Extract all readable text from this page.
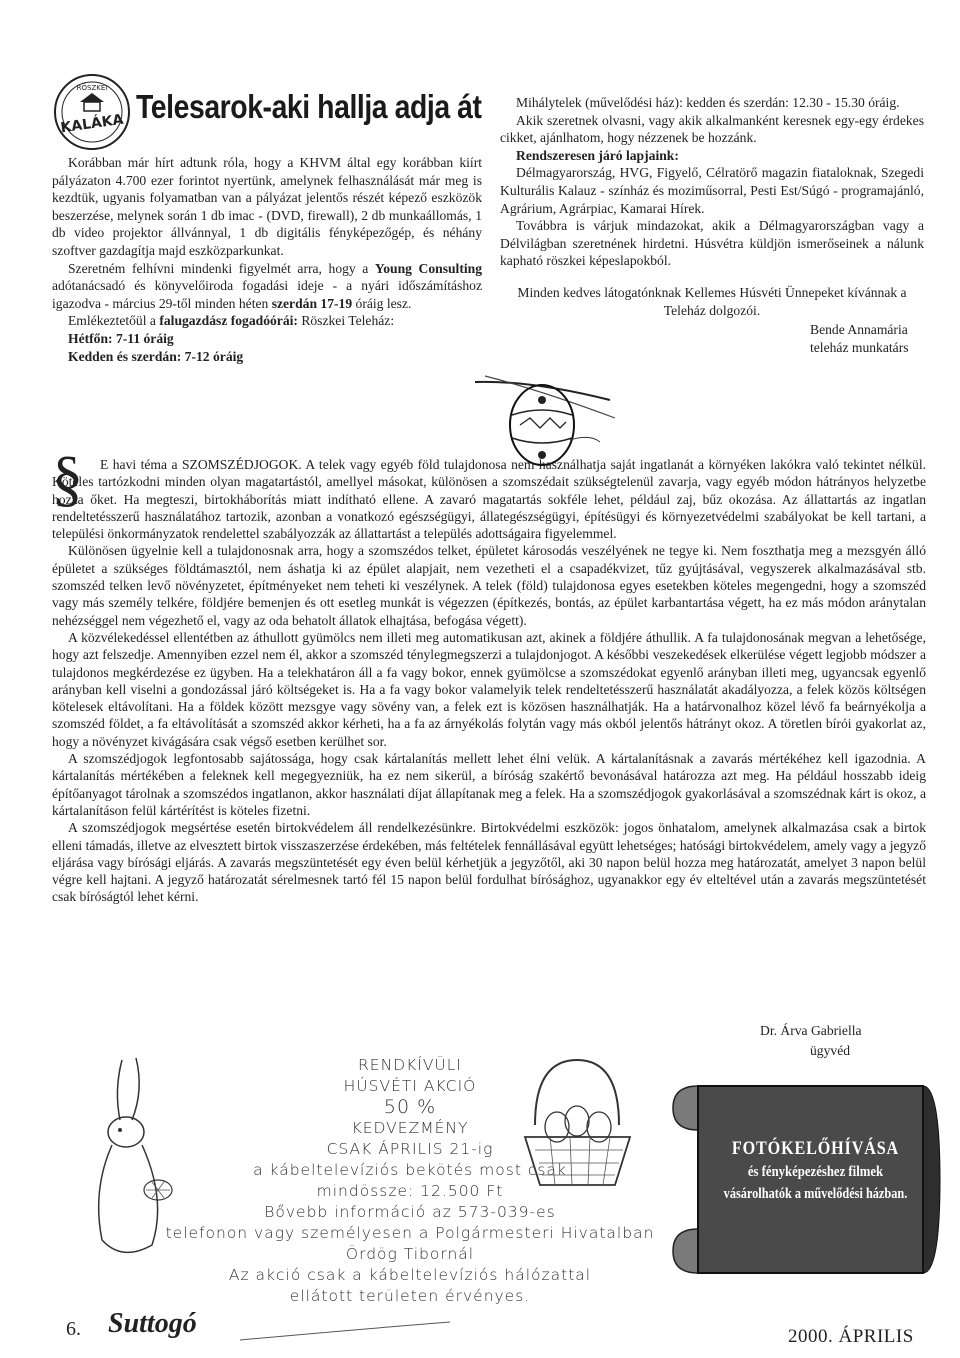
RÖSZKEI
KALÁKA Telesarok-aki hallja adja át

Korábban már hírt adtunk róla, hogy a KHVM által egy korábban kiírt pályázaton 4.700 ezer forintot nyertünk, amelynek felhasználását már meg is kezdtük, ugyanis folyamatban van a pályázat jelentős részét képező eszközök beszerzése, melynek során 1 db imac - (DVD, firewall), 2 db munkaállomás, 1 db video projektor állvánnyal, 1 db digitális fényképezőgép, és néhány szoftver gazdagítja majd eszközparkunkat.

Szeretném felhívni mindenki figyelmét arra, hogy a Young Consulting adótanácsadó és könyvelőiroda fogadási ideje - a nyári időszámításhoz igazodva - március 29-től minden héten szerdán 17-19 óráig lesz.

Emlékeztetőül a falugazdász fogadóórái: Röszkei Teleház:

Hétfőn: 7-11 óráig

Kedden és szerdán: 7-12 óráig

Mihálytelek (művelődési ház): kedden és szerdán: 12.30 - 15.30 óráig.

Akik szeretnek olvasni, vagy akik alkalmanként keresnek egy-egy érdekes cikket, ajánlhatom, hogy nézzenek be hozzánk.

Rendszeresen járó lapjaink:

Délmagyarország, HVG, Figyelő, Célratörő magazin fiataloknak, Szegedi Kulturális Kalauz - színház és moziműsorral, Pesti Est/Súgó - programajánló, Agrárium, Agrárpiac, Kamarai Hírek.

Továbbra is várjuk mindazokat, akik a Délmagyarországban vagy a Délvilágban szeretnének hirdetni. Húsvétra küldjön ismerőseinek a nálunk kapható röszkei képeslapokból.

Minden kedves látogatónknak Kellemes Húsvéti Ünnepeket kívánnak a Teleház dolgozói.

Bende Annamária

teleház munkatárs

§	E havi téma a SZOMSZÉDJOGOK. A telek vagy egyéb föld tulajdonosa nem használhatja saját ingatlanát a környéken lakókra való tekintet nélkül. Köteles tartózkodni minden olyan magatartástól, amellyel másokat, különösen a szomszédait szükségtelenül zavarja, vagy egyéb módon hátrányos helyzetbe hozza őket. Ha megteszi, birtokháborítás miatt indítható ellene. A zavaró magatartás sokféle lehet, például zaj, bűz okozása. Az állattartás az ingatlan rendeltetésszerű használatához tartozik, azonban a vonatkozó egészségügyi, állategészségügyi, építésügyi és környezetvédelmi szabályokat be kell tartani, a települési önkormányzatok rendelettel szabályozzák az állattartást a település adottságaira figyelemmel.

Különösen ügyelnie kell a tulajdonosnak arra, hogy a szomszédos telket, épületet károsodás veszélyének ne tegye ki. Nem foszthatja meg a mezsgyén álló épületet a szükséges földtámasztól, nem áshatja ki az épület alapjait, nem vezetheti el a csapadékvizet, tűz gyújtásával, vegyszerek alkalmazásával stb. szomszéd telken levő növényzetet, építményeket nem teheti ki veszélynek. A telek (föld) tulajdonosa egyes esetekben köteles megengedni, hogy a szomszéd vagy más személy telkére, földjére bemenjen és ott esetleg munkát is végezzen (építkezés, bontás, az épület karbantartása végett, ha ez más módon aránytalan nehézséggel nem végezhető el, vagy az oda behatolt állatok elhajtása, befogása végett).

A közvélekedéssel ellentétben az áthullott gyümölcs nem illeti meg automatikusan azt, akinek a földjére áthullik. A fa tulajdonosának megvan a lehetősége, hogy azt felszedje. Amennyiben ezzel nem él, akkor a szomszéd ténylegmegszerzi a tulajdonjogot. A későbbi veszekedések elkerülése végett legjobb módszer a tulajdonos megkérdezése ez ügyben. Ha a telekhatáron áll a fa vagy bokor, ennek gyümölcse a szomszédokat egyenlő arányban illeti meg, ugyancsak egyenlő arányban kell viselni a gondozással járó költségeket is. Ha a fa vagy bokor valamelyik telek rendeltetésszerű használatát akadályozza, a felek közös költségen kötelesek eltávolítani. Ha a földek között mezsgye vagy sövény van, a felek ezt is közösen használhatják. Ha a határvonalhoz közel lévő fa beárnyékolja a szomszéd földet, a fa eltávolítását a szomszéd akkor kérheti, ha a fa az árnyékolás folytán vagy más okból jelentős hátrányt okoz. A töretlen bírói gyakorlat az, hogy a növényzet kivágására csak végső esetben kerülhet sor.

A szomszédjogok legfontosabb sajátossága, hogy csak kártalanítás mellett lehet élni velük. A kártalanításnak a zavarás mértékéhez kell igazodnia. A kártalanítás mértékében a feleknek kell megegyezniük, ha ez nem sikerül, a bíróság szakértő bevonásával határozza azt meg. Ha például hosszabb ideig építőanyagot tárolnak a szomszédos ingatlanon, akkor használati díjat állapítanak meg a felek. Ha a szomszédjogok gyakorlásával a szomszédnak kárt is okoz, a kártalanításon felül kártérítést is köteles fizetni.

A szomszédjogok megsértése esetén birtokvédelem áll rendelkezésünkre. Birtokvédelmi eszközök: jogos önhatalom, amelynek alkalmazása csak a birtok elleni támadás, illetve az elvesztett birtok visszaszerzése érdekében, más feltételek fennállásával együtt lehetséges; hatósági birtokvédelem, amely vagy a jegyző eljárása vagy bírósági eljárás. A zavarás megszüntetését egy éven belül kérhetjük a jegyzőtől, aki 30 napon belül hozza meg határozatát, amelyet 3 napon belül végre kell hajtani. A jegyző határozatát sérelmesnek tartó fél 15 napon belül fordulhat bírósághoz, ugyanakkor egy év elteltével után a zavarás megszüntetését csak bíróságtól lehet kérni.

Dr. Árva Gabriella
ügyvéd
RENDKÍVÜLI
HÚSVÉTI AKCIÓ
50 %
KEDVEZMÉNY
CSAK ÁPRILIS 21-ig
a kábeltelevíziós bekötés most csak
mindössze: 12.500 Ft
Bővebb információ az 573-039-es
telefonon vagy személyesen a Polgármesteri Hivatalban
Ördög Tibornál
Az akció csak a kábeltelevíziós hálózattal
ellátott területen érvényes.
FOTÓKELŐHÍVÁSA
és fényképezéshez filmek
vásárolhatók a művelődési házban.
6. Suttogó	2000. ÁPRILIS
